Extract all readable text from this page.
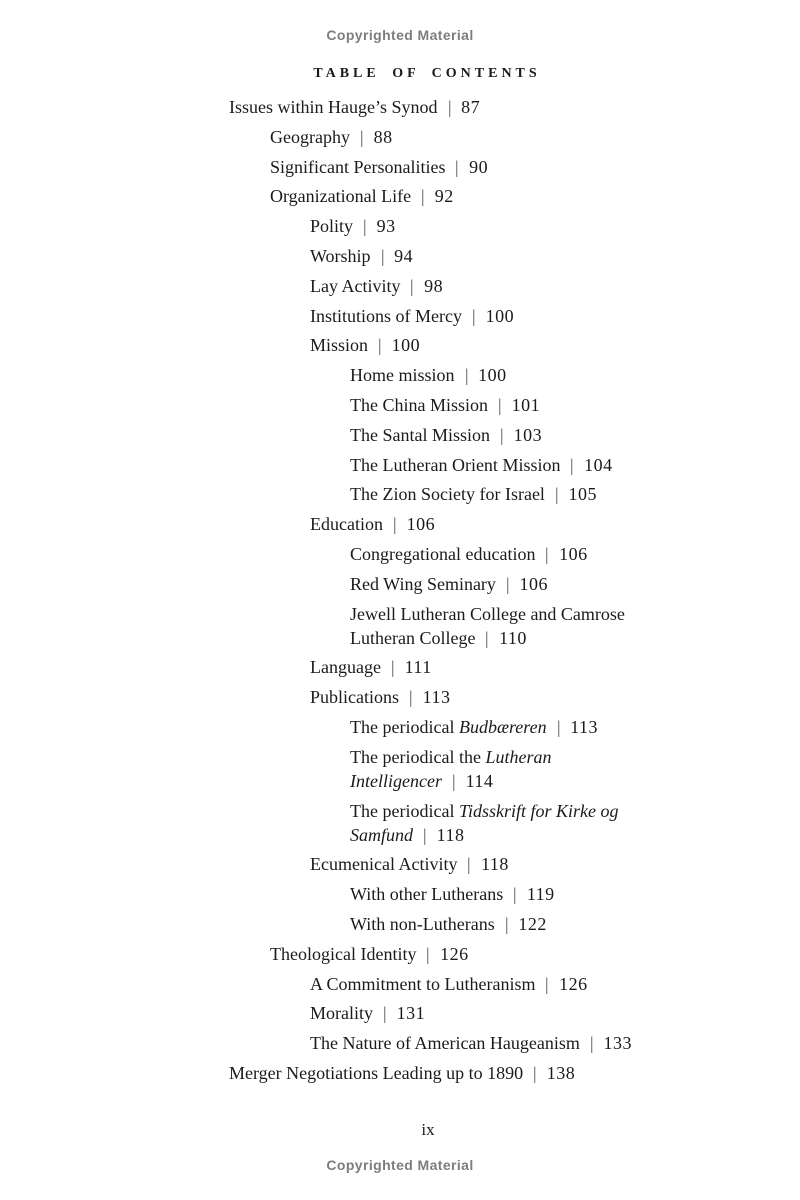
Copyrighted Material
TABLE OF CONTENTS
Issues within Hauge’s Synod | 87
Geography | 88
Significant Personalities | 90
Organizational Life | 92
Polity | 93
Worship | 94
Lay Activity | 98
Institutions of Mercy | 100
Mission | 100
Home mission | 100
The China Mission | 101
The Santal Mission | 103
The Lutheran Orient Mission | 104
The Zion Society for Israel | 105
Education | 106
Congregational education | 106
Red Wing Seminary | 106
Jewell Lutheran College and Camrose
Lutheran College | 110
Language | 111
Publications | 113
The periodical Budbæreren | 113
The periodical the Lutheran
Intelligencer | 114
The periodical Tidsskrift for Kirke og
Samfund | 118
Ecumenical Activity | 118
With other Lutherans | 119
With non-Lutherans | 122
Theological Identity | 126
A Commitment to Lutheranism | 126
Morality | 131
The Nature of American Haugeanism | 133
Merger Negotiations Leading up to 1890 | 138
ix
Copyrighted Material
